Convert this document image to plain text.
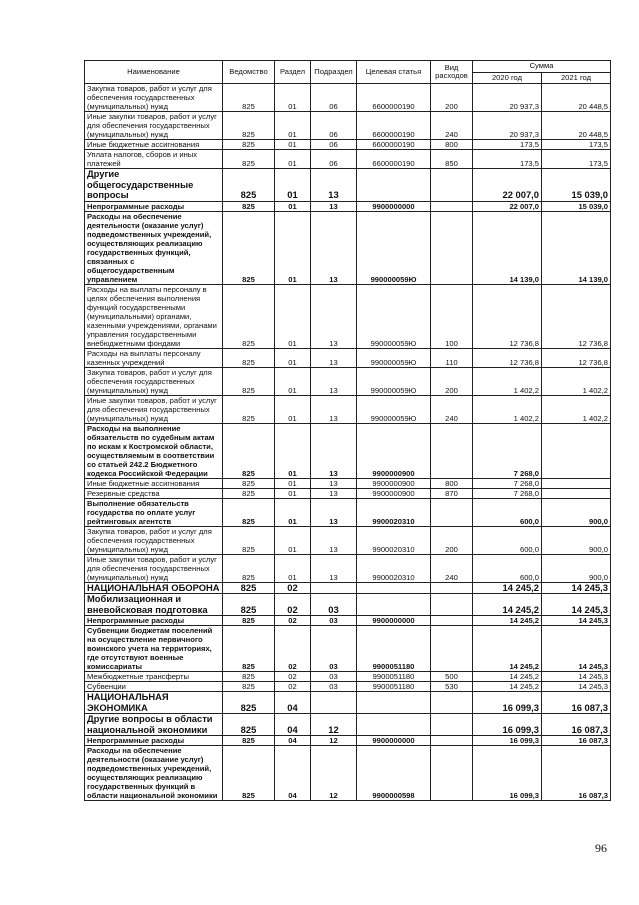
Наименование	Ведомство	Раздел	Подраздел	Целевая статья	Вид расходов	Сумма	
						2020 год	2021 год
Закупка товаров, работ и услуг для обеспечения государственных (муниципальных) нужд	825	01	06	6600000190	200	20 937,3	20 448,5
Иные закупки товаров, работ и услуг для обеспечения государственных (муниципальных) нужд	825	01	06	6600000190	240	20 937,3	20 448,5
Иные бюджетные ассигнования	825	01	06	6600000190	800	173,5	173,5
Уплата налогов, сборов и иных платежей	825	01	06	6600000190	850	173,5	173,5
Другие общегосударственные вопросы	825	01	13			22 007,0	15 039,0
Непрограммные расходы	825	01	13	9900000000		22 007,0	15 039,0
Расходы на обеспечение деятельности (оказание услуг) подведомственных учреждений, осуществляющих реализацию государственных функций, связанных с общегосударственным управлением	825	01	13	990000059Ю		14 139,0	14 139,0
Расходы на выплаты персоналу в целях обеспечения выполнения функций государственными (муниципальными) органами, казенными учреждениями, органами управления государственными внебюджетными фондами	825	01	13	990000059Ю	100	12 736,8	12 736,8
Расходы на выплаты персоналу казенных учреждений	825	01	13	990000059Ю	110	12 736,8	12 736,8
Закупка товаров, работ и услуг для обеспечения государственных (муниципальных) нужд	825	01	13	990000059Ю	200	1 402,2	1 402,2
Иные закупки товаров, работ и услуг для обеспечения государственных (муниципальных) нужд	825	01	13	990000059Ю	240	1 402,2	1 402,2
Расходы на выполнение обязательств по судебным актам по искам к Костромской области, осуществляемым в соответствии со статьей 242.2 Бюджетного кодекса Российской Федерации	825	01	13	9900000900		7 268,0	
Иные бюджетные ассигнования	825	01	13	9900000900	800	7 268,0	
Резервные средства	825	01	13	9900000900	870	7 268,0	
Выполнение обязательств государства по оплате услуг рейтинговых агентств	825	01	13	9900020310		600,0	900,0
Закупка товаров, работ и услуг для обеспечения государственных (муниципальных) нужд	825	01	13	9900020310	200	600,0	900,0
Иные закупки товаров, работ и услуг для обеспечения государственных (муниципальных) нужд	825	01	13	9900020310	240	600,0	900,0
НАЦИОНАЛЬНАЯ ОБОРОНА	825	02				14 245,2	14 245,3
Мобилизационная и вневойсковая подготовка	825	02	03			14 245,2	14 245,3
Непрограммные расходы	825	02	03	9900000000		14 245,2	14 245,3
Субвенции бюджетам поселений на осуществление первичного воинского учета на территориях, где отсутствуют военные комиссариаты	825	02	03	9900051180		14 245,2	14 245,3
Межбюджетные трансферты	825	02	03	9900051180	500	14 245,2	14 245,3
Субвенции	825	02	03	9900051180	530	14 245,2	14 245,3
НАЦИОНАЛЬНАЯ ЭКОНОМИКА	825	04				16 099,3	16 087,3
Другие вопросы в области национальной экономики	825	04	12			16 099,3	16 087,3
Непрограммные расходы	825	04	12	9900000000		16 099,3	16 087,3
Расходы на обеспечение деятельности (оказание услуг) подведомственных учреждений, осуществляющих реализацию государственных функций в области национальной экономики	825	04	12	9900000598		16 099,3	16 087,3
96
